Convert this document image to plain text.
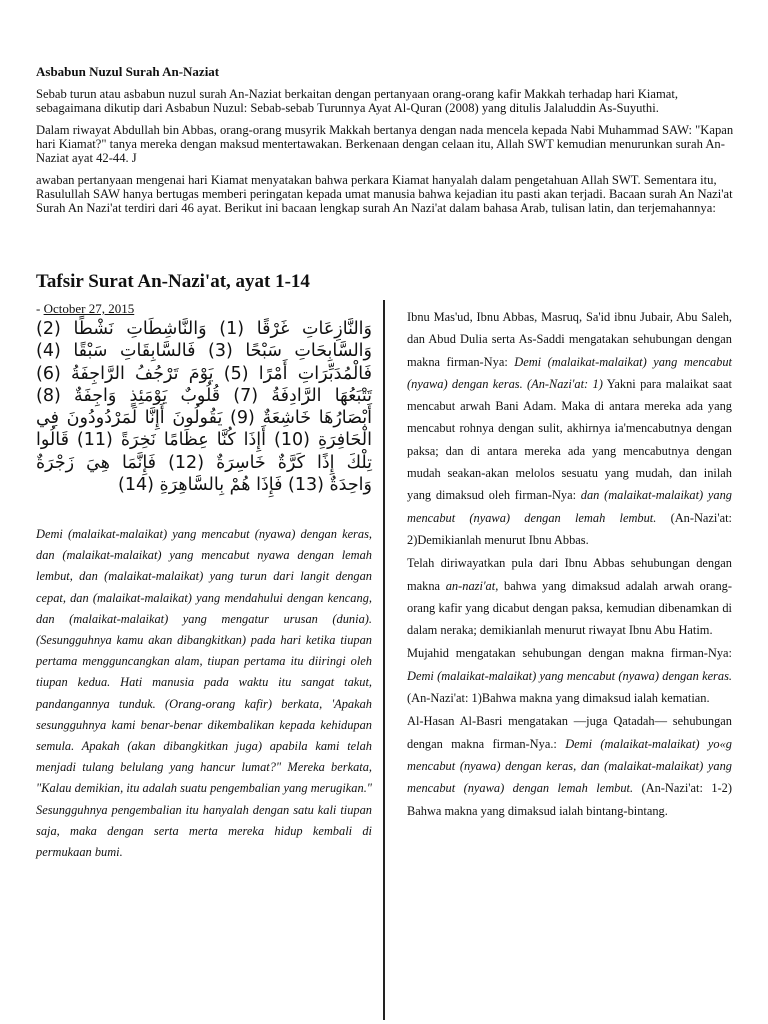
Asbabun Nuzul Surah An-Naziat

Sebab turun atau asbabun nuzul surah An-Naziat berkaitan dengan pertanyaan orang-orang kafir Makkah terhadap hari Kiamat, sebagaimana dikutip dari Asbabun Nuzul: Sebab-sebab Turunnya Ayat Al-Quran (2008) yang ditulis Jalaluddin As-Suyuthi.

Dalam riwayat Abdullah bin Abbas, orang-orang musyrik Makkah bertanya dengan nada mencela kepada Nabi Muhammad SAW: "Kapan hari Kiamat?" tanya mereka dengan maksud mentertawakan. Berkenaan dengan celaan itu, Allah SWT kemudian menurunkan surah An-Naziat ayat 42-44. J

awaban pertanyaan mengenai hari Kiamat menyatakan bahwa perkara Kiamat hanyalah dalam pengetahuan Allah SWT. Sementara itu, Rasulullah SAW hanya bertugas memberi peringatan kepada umat manusia bahwa kejadian itu pasti akan terjadi. Bacaan surah An Nazi'at Surah An Nazi'at terdiri dari 46 ayat. Berikut ini bacaan lengkap surah An Nazi'at dalam bahasa Arab, tulisan latin, dan terjemahannya:

Tafsir Surat An-Nazi'at, ayat 1-14
- October 27, 2015

وَالنَّازِعَاتِ غَرْقًا (1) وَالنَّاشِطَاتِ نَشْطًا (2) وَالسَّابِحَاتِ سَبْحًا (3) فَالسَّابِقَاتِ سَبْقًا (4) فَالْمُدَبِّرَاتِ أَمْرًا (5) يَوْمَ تَرْجُفُ الرَّاجِفَةُ (6) تَتْبَعُهَا الرَّادِفَةُ (7) قُلُوبٌ يَوْمَئِذٍ وَاجِفَةٌ (8) أَبْصَارُهَا خَاشِعَةٌ (9) يَقُولُونَ أَإِنَّا لَمَرْدُودُونَ فِي الْحَافِرَةِ (10) أَإِذَا كُنَّا عِظَامًا نَخِرَةً (11) قَالُوا تِلْكَ إِذًا كَرَّةٌ خَاسِرَةٌ (12) فَإِنَّمَا هِيَ زَجْرَةٌ وَاحِدَةٌ (13) فَإِذَا هُمْ بِالسَّاهِرَةِ (14)

Demi (malaikat-malaikat) yang mencabut (nyawa) dengan keras, dan (malaikat-malaikat) yang mencabut nyawa dengan lemah lembut, dan (malaikat-malaikat) yang turun dari langit dengan cepat, dan (malaikat-malaikat) yang mendahului dengan kencang, dan (malaikat-malaikat) yang mengatur urusan (dunia). (Sesungguhnya kamu akan dibangkitkan) pada hari ketika tiupan pertama mengguncangkan alam, tiupan pertama itu diiringi oleh tiupan kedua. Hati manusia pada waktu itu sangat takut, pandangannya tunduk. (Orang-orang kafir) berkata, 'Apakah sesungguhnya kami benar-benar dikembalikan kepada kehidupan semula. Apakah (akan dibangkitkan juga) apabila kami telah menjadi tulang belulang yang hancur lumat?" Mereka berkata, "Kalau demikian, itu adalah suatu pengembalian yang merugikan." Sesungguhnya pengembalian itu hanyalah dengan satu kali tiupan saja, maka dengan serta merta mereka hidup kembali di permukaan bumi.

Ibnu Mas'ud, Ibnu Abbas, Masruq, Sa'id ibnu Jubair, Abu Saleh, dan Abud Dulia serta As-Saddi mengatakan sehubungan dengan makna firman-Nya: Demi (malaikat-malaikat) yang mencabut (nyawa) dengan keras. (An-Nazi'at: 1) Yakni para malaikat saat mencabut arwah Bani Adam. Maka di antara mereka ada yang mencabut rohnya dengan sulit, akhirnya ia'mencabutnya dengan paksa; dan di antara mereka ada yang mencabutnya dengan mudah seakan-akan melolos sesuatu yang mudah, dan inilah yang dimaksud oleh firman-Nya: dan (malaikat-malaikat) yang mencabut (nyawa) dengan lemah lembut. (An-Nazi'at: 2)Demikianlah menurut Ibnu Abbas.

Telah diriwayatkan pula dari Ibnu Abbas sehubungan dengan makna an-nazi'at, bahwa yang dimaksud adalah arwah orang-orang kafir yang dicabut dengan paksa, kemudian dibenamkan di dalam neraka; demikianlah menurut riwayat Ibnu Abu Hatim.

Mujahid mengatakan sehubungan dengan makna firman-Nya: Demi (malaikat-malaikat) yang mencabut (nyawa) dengan keras. (An-Nazi'at: 1)Bahwa makna yang dimaksud ialah kematian.

Al-Hasan Al-Basri mengatakan —juga Qatadah— sehubungan dengan makna firman-Nya.: Demi (malaikat-malaikat) yo«g mencabut (nyawa) dengan keras, dan (malaikat-malaikat) yang mencabut (nyawa) dengan lemah lembut. (An-Nazi'at: 1-2) Bahwa makna yang dimaksud ialah bintang-bintang.
